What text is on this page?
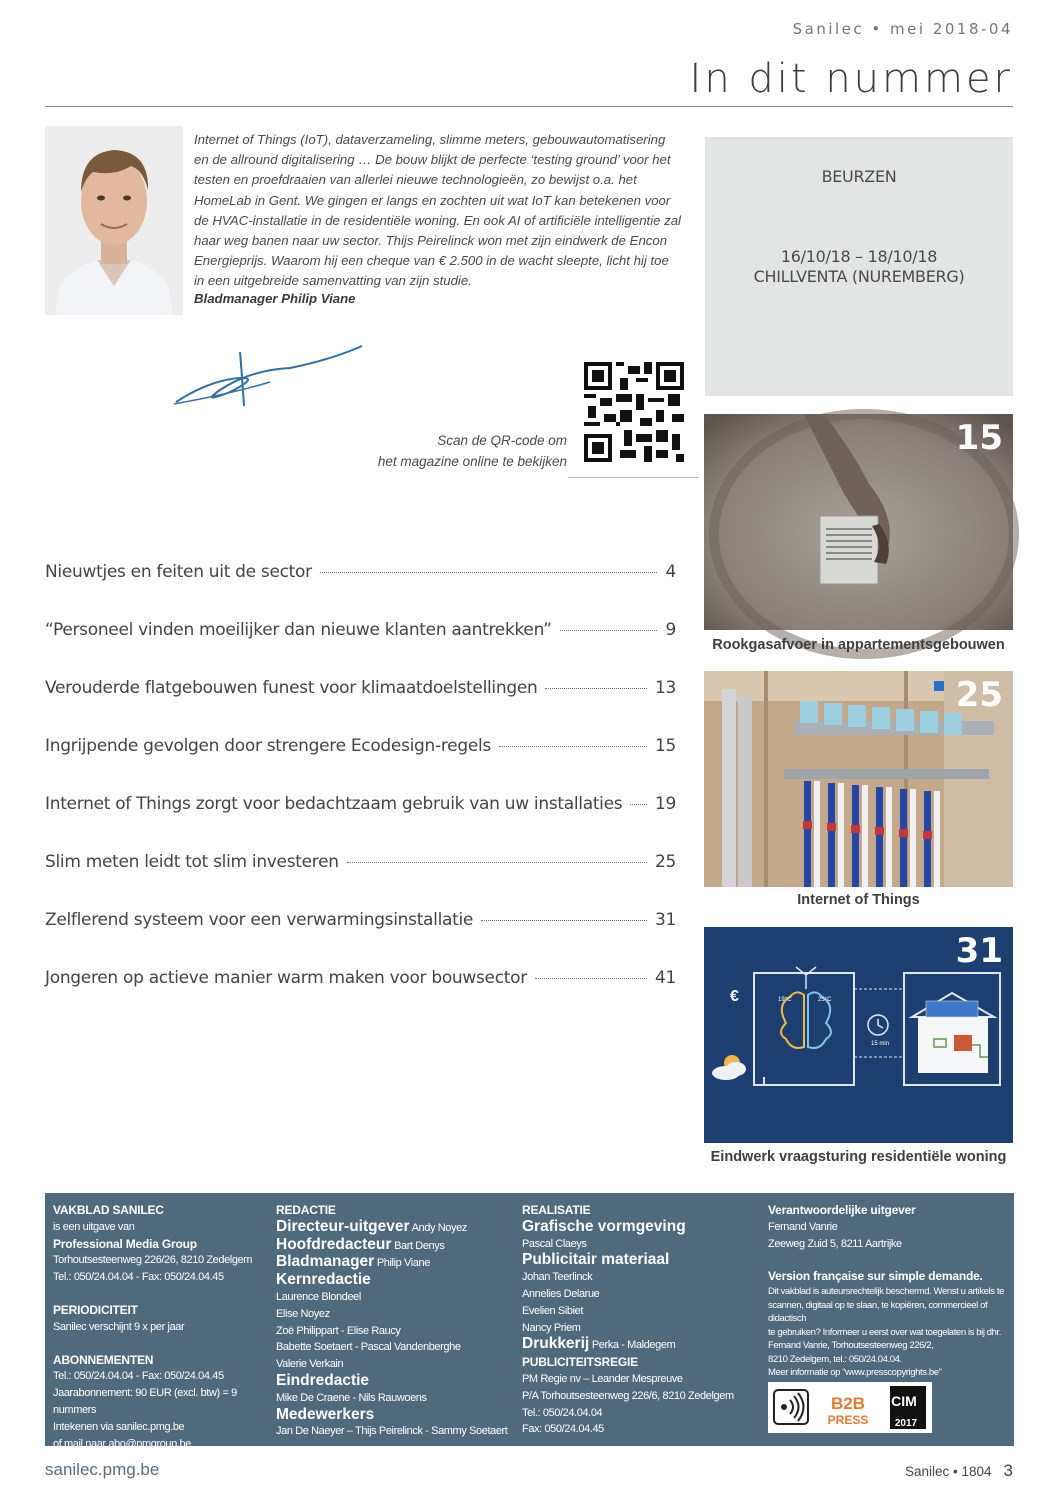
Sanilec • mei 2018-04
In dit nummer
Internet of Things (IoT), dataverzameling, slimme meters, gebouwautomatisering en de allround digitalisering … De bouw blijkt de perfecte ‘testing ground’ voor het testen en proefdraaien van allerlei nieuwe technologieën, zo bewijst o.a. het HomeLab in Gent. We gingen er langs en zochten uit wat IoT kan betekenen voor de HVAC-installatie in de residentiële woning. En ook AI of artificiële intelligentie zal haar weg banen naar uw sector. Thijs Peirelinck won met zijn eindwerk de Encon Energieprijs. Waarom hij een cheque van € 2.500 in de wacht sleepte, licht hij toe in een uitgebreide samenvatting van zijn studie.
Bladmanager Philip Viane
Scan de QR-code om
het magazine online te bekijken
BEURZEN
16/10/18 – 18/10/18
CHILLVENTA (NUREMBERG)
Nieuwtjes en feiten uit de sector	4
“Personeel vinden moeilijker dan nieuwe klanten aantrekken”	9
Verouderde flatgebouwen funest voor klimaatdoelstellingen	13
Ingrijpende gevolgen door strengere Ecodesign-regels	15
Internet of Things zorgt voor bedachtzaam gebruik van uw installaties 19
Slim meten leidt tot slim investeren	25
Zelflerend systeem voor een verwarmingsinstallatie	31
Jongeren op actieve manier warm maken voor bouwsector	41
15
Rookgasafvoer in appartementsgebouwen
25
Internet of Things
€	19°C	25°C
15 min
31
Eindwerk vraagsturing residentiële woning
VAKBLAD SANILEC
is een uitgave van
Professional Media Group
Torhoutsesteenweg 226/26, 8210 Zedelgem
Tel.: 050/24.04.04 - Fax: 050/24.04.45
PERIODICITEIT
Sanilec verschijnt 9 x per jaar
ABONNEMENTEN
Tel.: 050/24.04.04 - Fax: 050/24.04.45
Jaarabonnement: 90 EUR (excl. btw) = 9 nummers
Intekenen via sanilec.pmg.be
of mail naar abo@pmgroup.be
REDACTIE
Directeur-uitgever Andy Noyez
Hoofdredacteur Bart Denys
Bladmanager Philip Viane
Kernredactie
Laurence Blondeel
Elise Noyez
Zoë Philippart - Elise Raucy
Babette Soetaert - Pascal Vandenberghe
Valerie Verkain
Eindredactie
Mike De Craene - Nils Rauwoens
Medewerkers
Jan De Naeyer – Thijs Peirelinck - Sammy Soetaert
REALISATIE
Grafische vormgeving
Pascal Claeys
Publicitair materiaal
Johan Teerlinck
Annelies Delarue
Evelien Sibiet
Nancy Priem
Drukkerij Perka - Maldegem
PUBLICITEITSREGIE
PM Regie nv – Leander Mespreuve
P/A Torhoutsesteenweg 226/6, 8210 Zedelgem
Tel.: 050/24.04.04
Fax: 050/24.04.45
Verantwoordelijke uitgever
Fernand Vanrie
Zeeweg Zuid 5, 8211 Aartrijke
Version française sur simple demande.
Dit vakblad is auteursrechtelijk beschermd. Wenst u artikels te
scannen, digitaal op te slaan, te kopiëren, commercieel of didactisch
te gebruiken? Informeer u eerst over wat toegelaten is bij dhr.
Fernand Vanrie, Torhoutsesteenweg 226/2,
8210 Zedelgem, tel.: 050/24.04.04.
Meer informatie op “www.presscopyrights.be”
B2B
PRESS
CIM	CONTROLE
2017
sanilec.pmg.be	Sanilec • 1804 3
